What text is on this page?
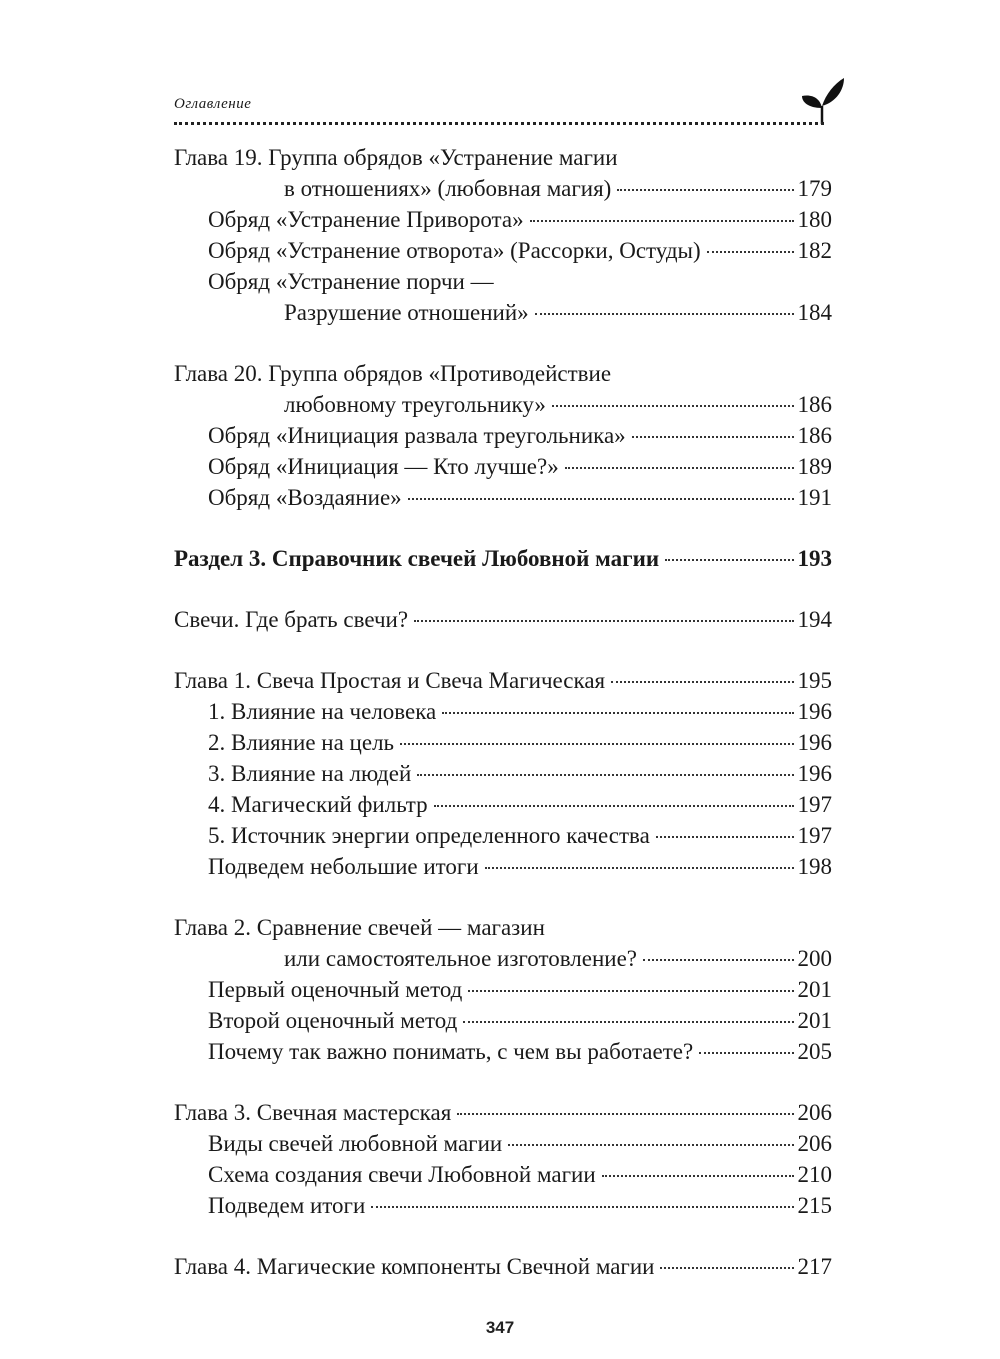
Оглавление
Глава 19. Группа обрядов «Устранение магии
в отношениях» (любовная магия)	179
Обряд «Устранение Приворота»	180
Обряд «Устранение отворота» (Рассорки, Остуды)	182
Обряд «Устранение порчи —
Разрушение отношений»	184
Глава 20. Группа обрядов «Противодействие
любовному треугольнику»	186
Обряд «Инициация развала треугольника»	186
Обряд «Инициация — Кто лучше?»	189
Обряд «Воздаяние»	191
Раздел 3. Справочник свечей Любовной магии	193
Свечи. Где брать свечи?	194
Глава 1. Свеча Простая и Свеча Магическая	195
1. Влияние на человека	196
2. Влияние на цель	196
3. Влияние на людей	196
4. Магический фильтр	197
5. Источник энергии определенного качества	197
Подведем небольшие итоги	198
Глава 2. Сравнение свечей — магазин
или самостоятельное изготовление?	200
Первый оценочный метод	201
Второй оценочный метод	201
Почему так важно понимать, с чем вы работаете?	205
Глава 3. Свечная мастерская	206
Виды свечей любовной магии	206
Схема создания свечи Любовной магии	210
Подведем итоги	215
Глава 4. Магические компоненты Свечной магии	217
347
